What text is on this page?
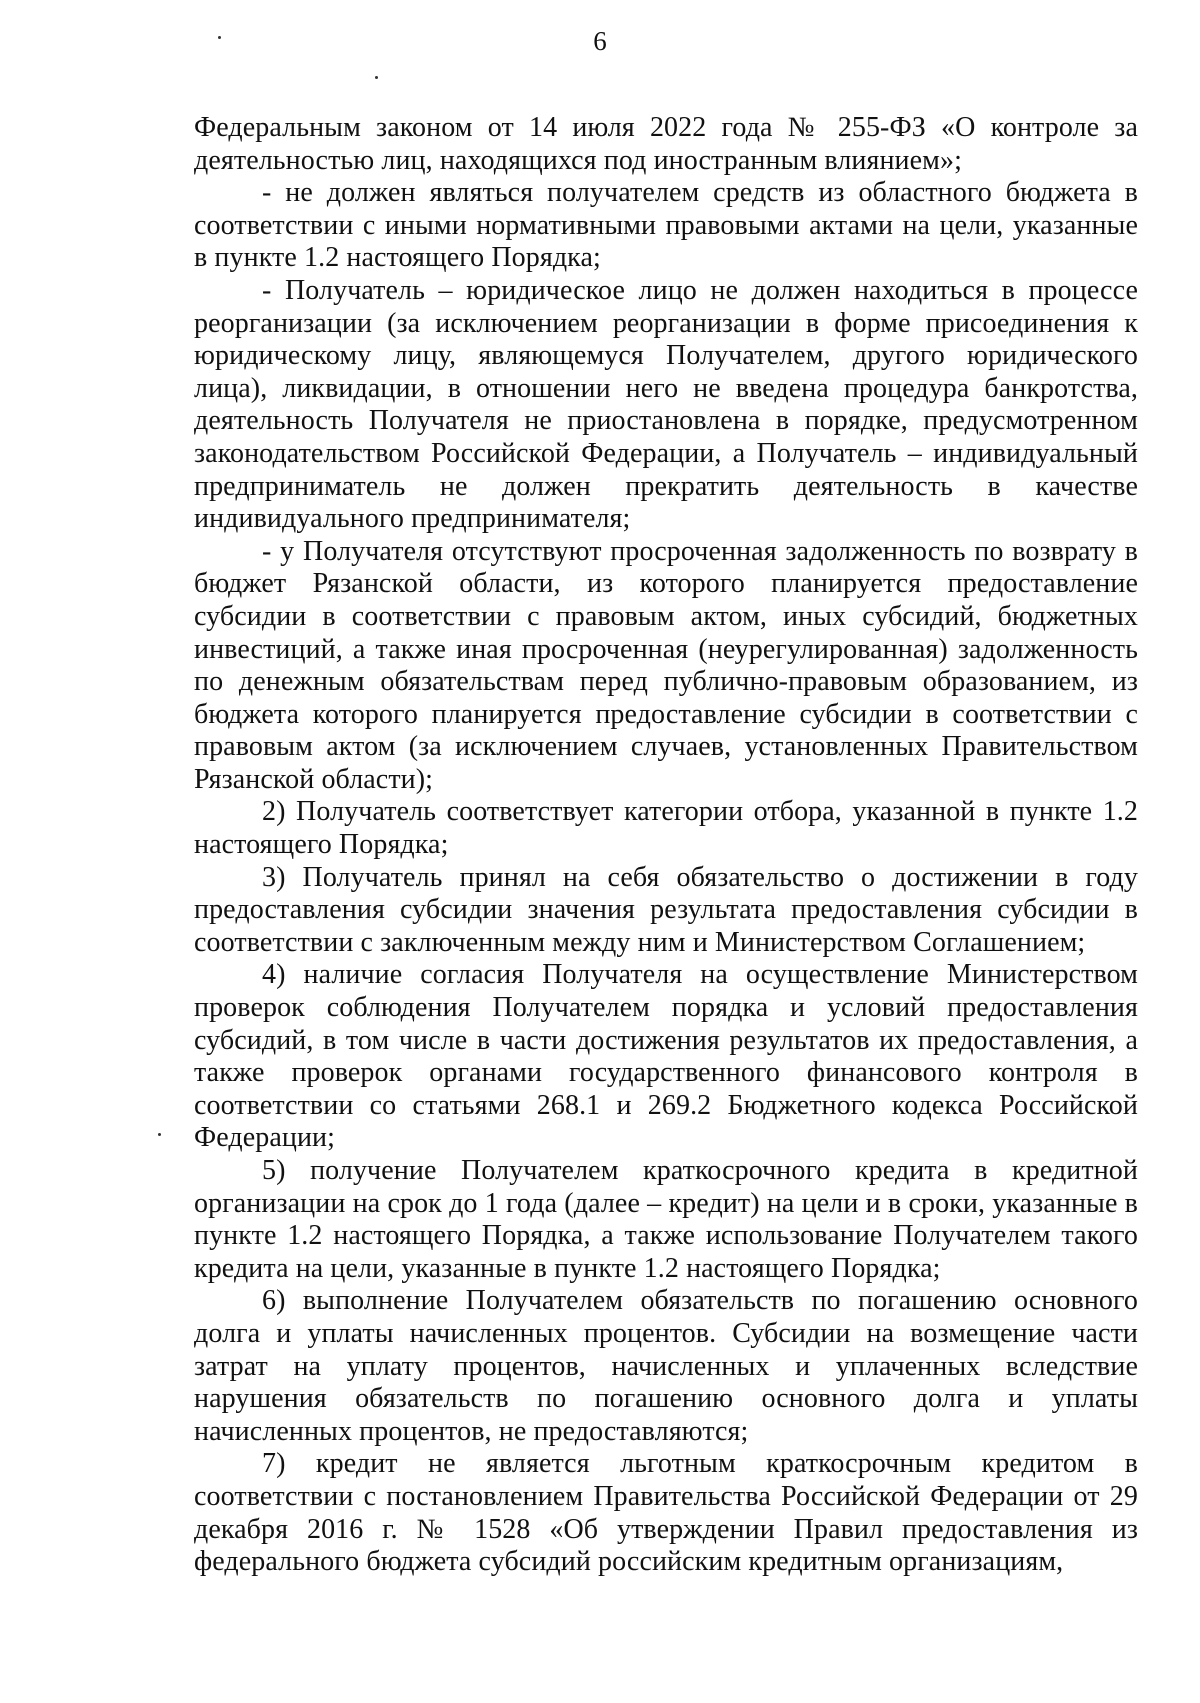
6

Федеральным законом от 14 июля 2022 года № 255-ФЗ «О контроле за деятельностью лиц, находящихся под иностранным влиянием»;

- не должен являться получателем средств из областного бюджета в соответствии с иными нормативными правовыми актами на цели, указанные в пункте 1.2 настоящего Порядка;

- Получатель – юридическое лицо не должен находиться в процессе реорганизации (за исключением реорганизации в форме присоединения к юридическому лицу, являющемуся Получателем, другого юридического лица), ликвидации, в отношении него не введена процедура банкротства, деятельность Получателя не приостановлена в порядке, предусмотренном законодательством Российской Федерации, а Получатель – индивидуальный предприниматель не должен прекратить деятельность в качестве индивидуального предпринимателя;

- у Получателя отсутствуют просроченная задолженность по возврату в бюджет Рязанской области, из которого планируется предоставление субсидии в соответствии с правовым актом, иных субсидий, бюджетных инвестиций, а также иная просроченная (неурегулированная) задолженность по денежным обязательствам перед публично-правовым образованием, из бюджета которого планируется предоставление субсидии в соответствии с правовым актом (за исключением случаев, установленных Правительством Рязанской области);

2) Получатель соответствует категории отбора, указанной в пункте 1.2 настоящего Порядка;

3) Получатель принял на себя обязательство о достижении в году предоставления субсидии значения результата предоставления субсидии в соответствии с заключенным между ним и Министерством Соглашением;

4) наличие согласия Получателя на осуществление Министерством проверок соблюдения Получателем порядка и условий предоставления субсидий, в том числе в части достижения результатов их предоставления, а также проверок органами государственного финансового контроля в соответствии со статьями 268.1 и 269.2 Бюджетного кодекса Российской Федерации;

5) получение Получателем краткосрочного кредита в кредитной организации на срок до 1 года (далее – кредит) на цели и в сроки, указанные в пункте 1.2 настоящего Порядка, а также использование Получателем такого кредита на цели, указанные в пункте 1.2 настоящего Порядка;

6) выполнение Получателем обязательств по погашению основного долга и уплаты начисленных процентов. Субсидии на возмещение части затрат на уплату процентов, начисленных и уплаченных вследствие нарушения обязательств по погашению основного долга и уплаты начисленных процентов, не предоставляются;

7) кредит не является льготным краткосрочным кредитом в соответствии с постановлением Правительства Российской Федерации от 29 декабря 2016 г. № 1528 «Об утверждении Правил предоставления из федерального бюджета субсидий российским кредитным организациям,
